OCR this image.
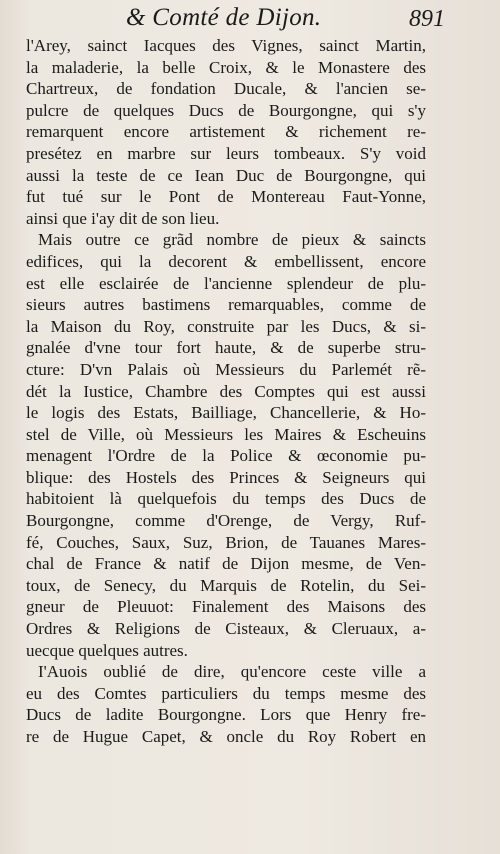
& Comté de Dijon.	891
l'Arey, sainct Iacques des Vignes, sainct Martin,
la maladerie, la belle Croix, & le Monastere des
Chartreux, de fondation Ducale, & l'ancien se-
pulcre de quelques Ducs de Bourgongne, qui s'y
remarquent encore artistement & richement re-
presétez en marbre sur leurs tombeaux. S'y void
aussi la teste de ce Iean Duc de Bourgongne, qui
fut tué sur le Pont de Montereau Faut-Yonne,
ainsi que i'ay dit de son lieu.
Mais outre ce grãd nombre de pieux & saincts
edifices, qui la decorent & embellissent, encore
est elle esclairée de l'ancienne splendeur de plu-
sieurs autres bastimens remarquables, comme de
la Maison du Roy, construite par les Ducs, & si-
gnalée d'vne tour fort haute, & de superbe stru-
cture: D'vn Palais où Messieurs du Parlemét rẽ-
dét la Iustice, Chambre des Comptes qui est aussi
le logis des Estats, Bailliage, Chancellerie, & Ho-
stel de Ville, où Messieurs les Maires & Escheuins
menagent l'Ordre de la Police & œconomie pu-
blique: des Hostels des Princes & Seigneurs qui
habitoient là quelquefois du temps des Ducs de
Bourgongne, comme d'Orenge, de Vergy, Ruf-
fé, Couches, Saux, Suz, Brion, de Tauanes Mares-
chal de France & natif de Dijon mesme, de Ven-
toux, de Senecy, du Marquis de Rotelin, du Sei-
gneur de Pleuuot: Finalement des Maisons des
Ordres & Religions de Cisteaux, & Cleruaux, a-
uecque quelques autres.
I'Auois oublié de dire, qu'encore ceste ville a
eu des Comtes particuliers du temps mesme des
Ducs de ladite Bourgongne. Lors que Henry fre-
re de Hugue Capet, & oncle du Roy Robert en
